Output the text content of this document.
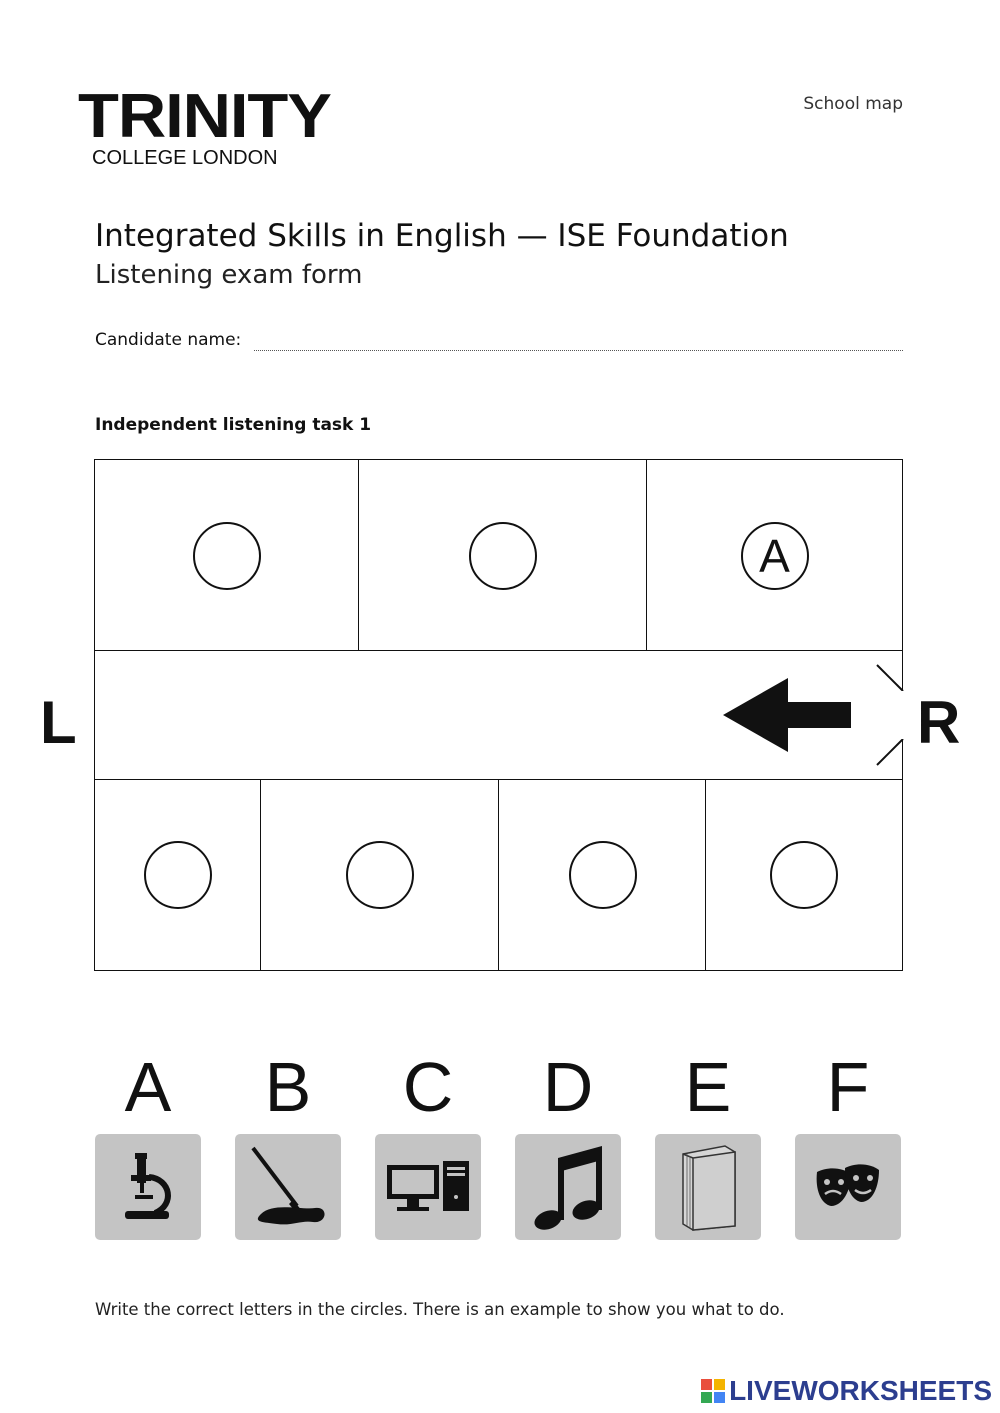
TRINITY
COLLEGE LONDON
School map
Integrated Skills in English — ISE Foundation
Listening exam form
Candidate name:
Independent listening task 1
A
L	R
A	B	C	D	E	F
Write the correct letters in the circles. There is an example to show you what to do.
LIVEWORKSHEETS
